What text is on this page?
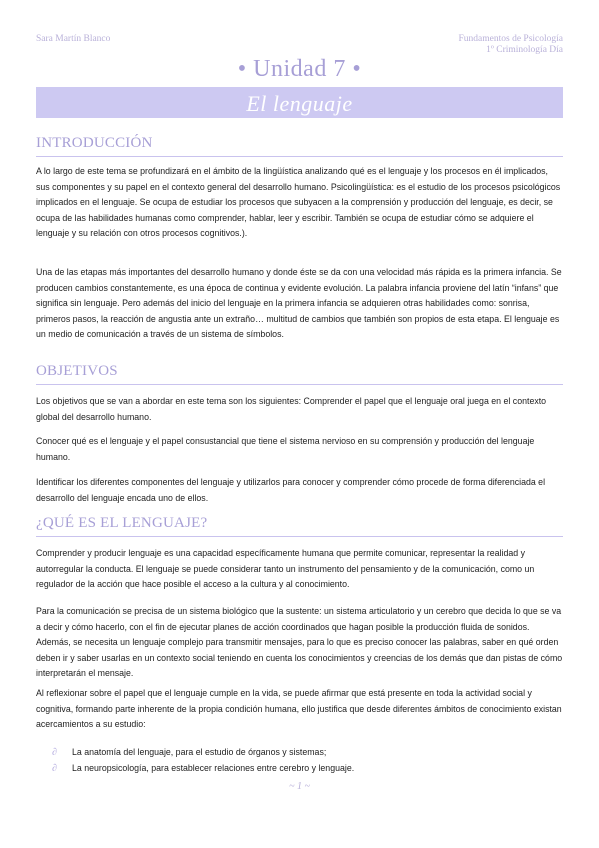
Sara Martín Blanco	Fundamentos de Psicología
1º Criminología Día
• Unidad 7 •
El lenguaje
INTRODUCCIÓN

A lo largo de este tema se profundizará en el ámbito de la lingüística analizando qué es el lenguaje y los procesos en él implicados, sus componentes y su papel en el contexto general del desarrollo humano. Psicolingüística: es el estudio de los procesos psicológicos implicados en el lenguaje. Se ocupa de estudiar los procesos que subyacen a la comprensión y producción del lenguaje, es decir, se ocupa de las habilidades humanas como comprender, hablar, leer y escribir. También se ocupa de estudiar cómo se adquiere el lenguaje y su relación con otros procesos cognitivos.).

Una de las etapas más importantes del desarrollo humano y donde éste se da con una velocidad más rápida es la primera infancia. Se producen cambios constantemente, es una época de continua y evidente evolución. La palabra infancia proviene del latín “infans” que significa sin lenguaje. Pero además del inicio del lenguaje en la primera infancia se adquieren otras habilidades como: sonrisa, primeros pasos, la reacción de angustia ante un extraño… multitud de cambios que también son propios de esta etapa. El lenguaje es un medio de comunicación a través de un sistema de símbolos.

OBJETIVOS

Los objetivos que se van a abordar en este tema son los siguientes: Comprender el papel que el lenguaje oral juega en el contexto global del desarrollo humano.

Conocer qué es el lenguaje y el papel consustancial que tiene el sistema nervioso en su comprensión y producción del lenguaje humano.

Identificar los diferentes componentes del lenguaje y utilizarlos para conocer y comprender cómo procede de forma diferenciada el desarrollo del lenguaje encada uno de ellos.

¿QUÉ ES EL LENGUAJE?

Comprender y producir lenguaje es una capacidad específicamente humana que permite comunicar, representar la realidad y autorregular la conducta. El lenguaje se puede considerar tanto un instrumento del pensamiento y de la comunicación, como un regulador de la acción que hace posible el acceso a la cultura y al conocimiento.

Para la comunicación se precisa de un sistema biológico que la sustente: un sistema articulatorio y un cerebro que decida lo que se va a decir y cómo hacerlo, con el fin de ejecutar planes de acción coordinados que hagan posible la producción fluida de sonidos. Además, se necesita un lenguaje complejo para transmitir mensajes, para lo que es preciso conocer las palabras, saber en qué orden deben ir y saber usarlas en un contexto social teniendo en cuenta los conocimientos y creencias de los demás que dan pistas de cómo interpretarán el mensaje.

Al reflexionar sobre el papel que el lenguaje cumple en la vida, se puede afirmar que está presente en toda la actividad social y cognitiva, formando parte inherente de la propia condición humana, ello justifica que desde diferentes ámbitos de conocimiento existan acercamientos a su estudio:

∂ La anatomía del lenguaje, para el estudio de órganos y sistemas;
∂ La neuropsicología, para establecer relaciones entre cerebro y lenguaje.
~ 1 ~
